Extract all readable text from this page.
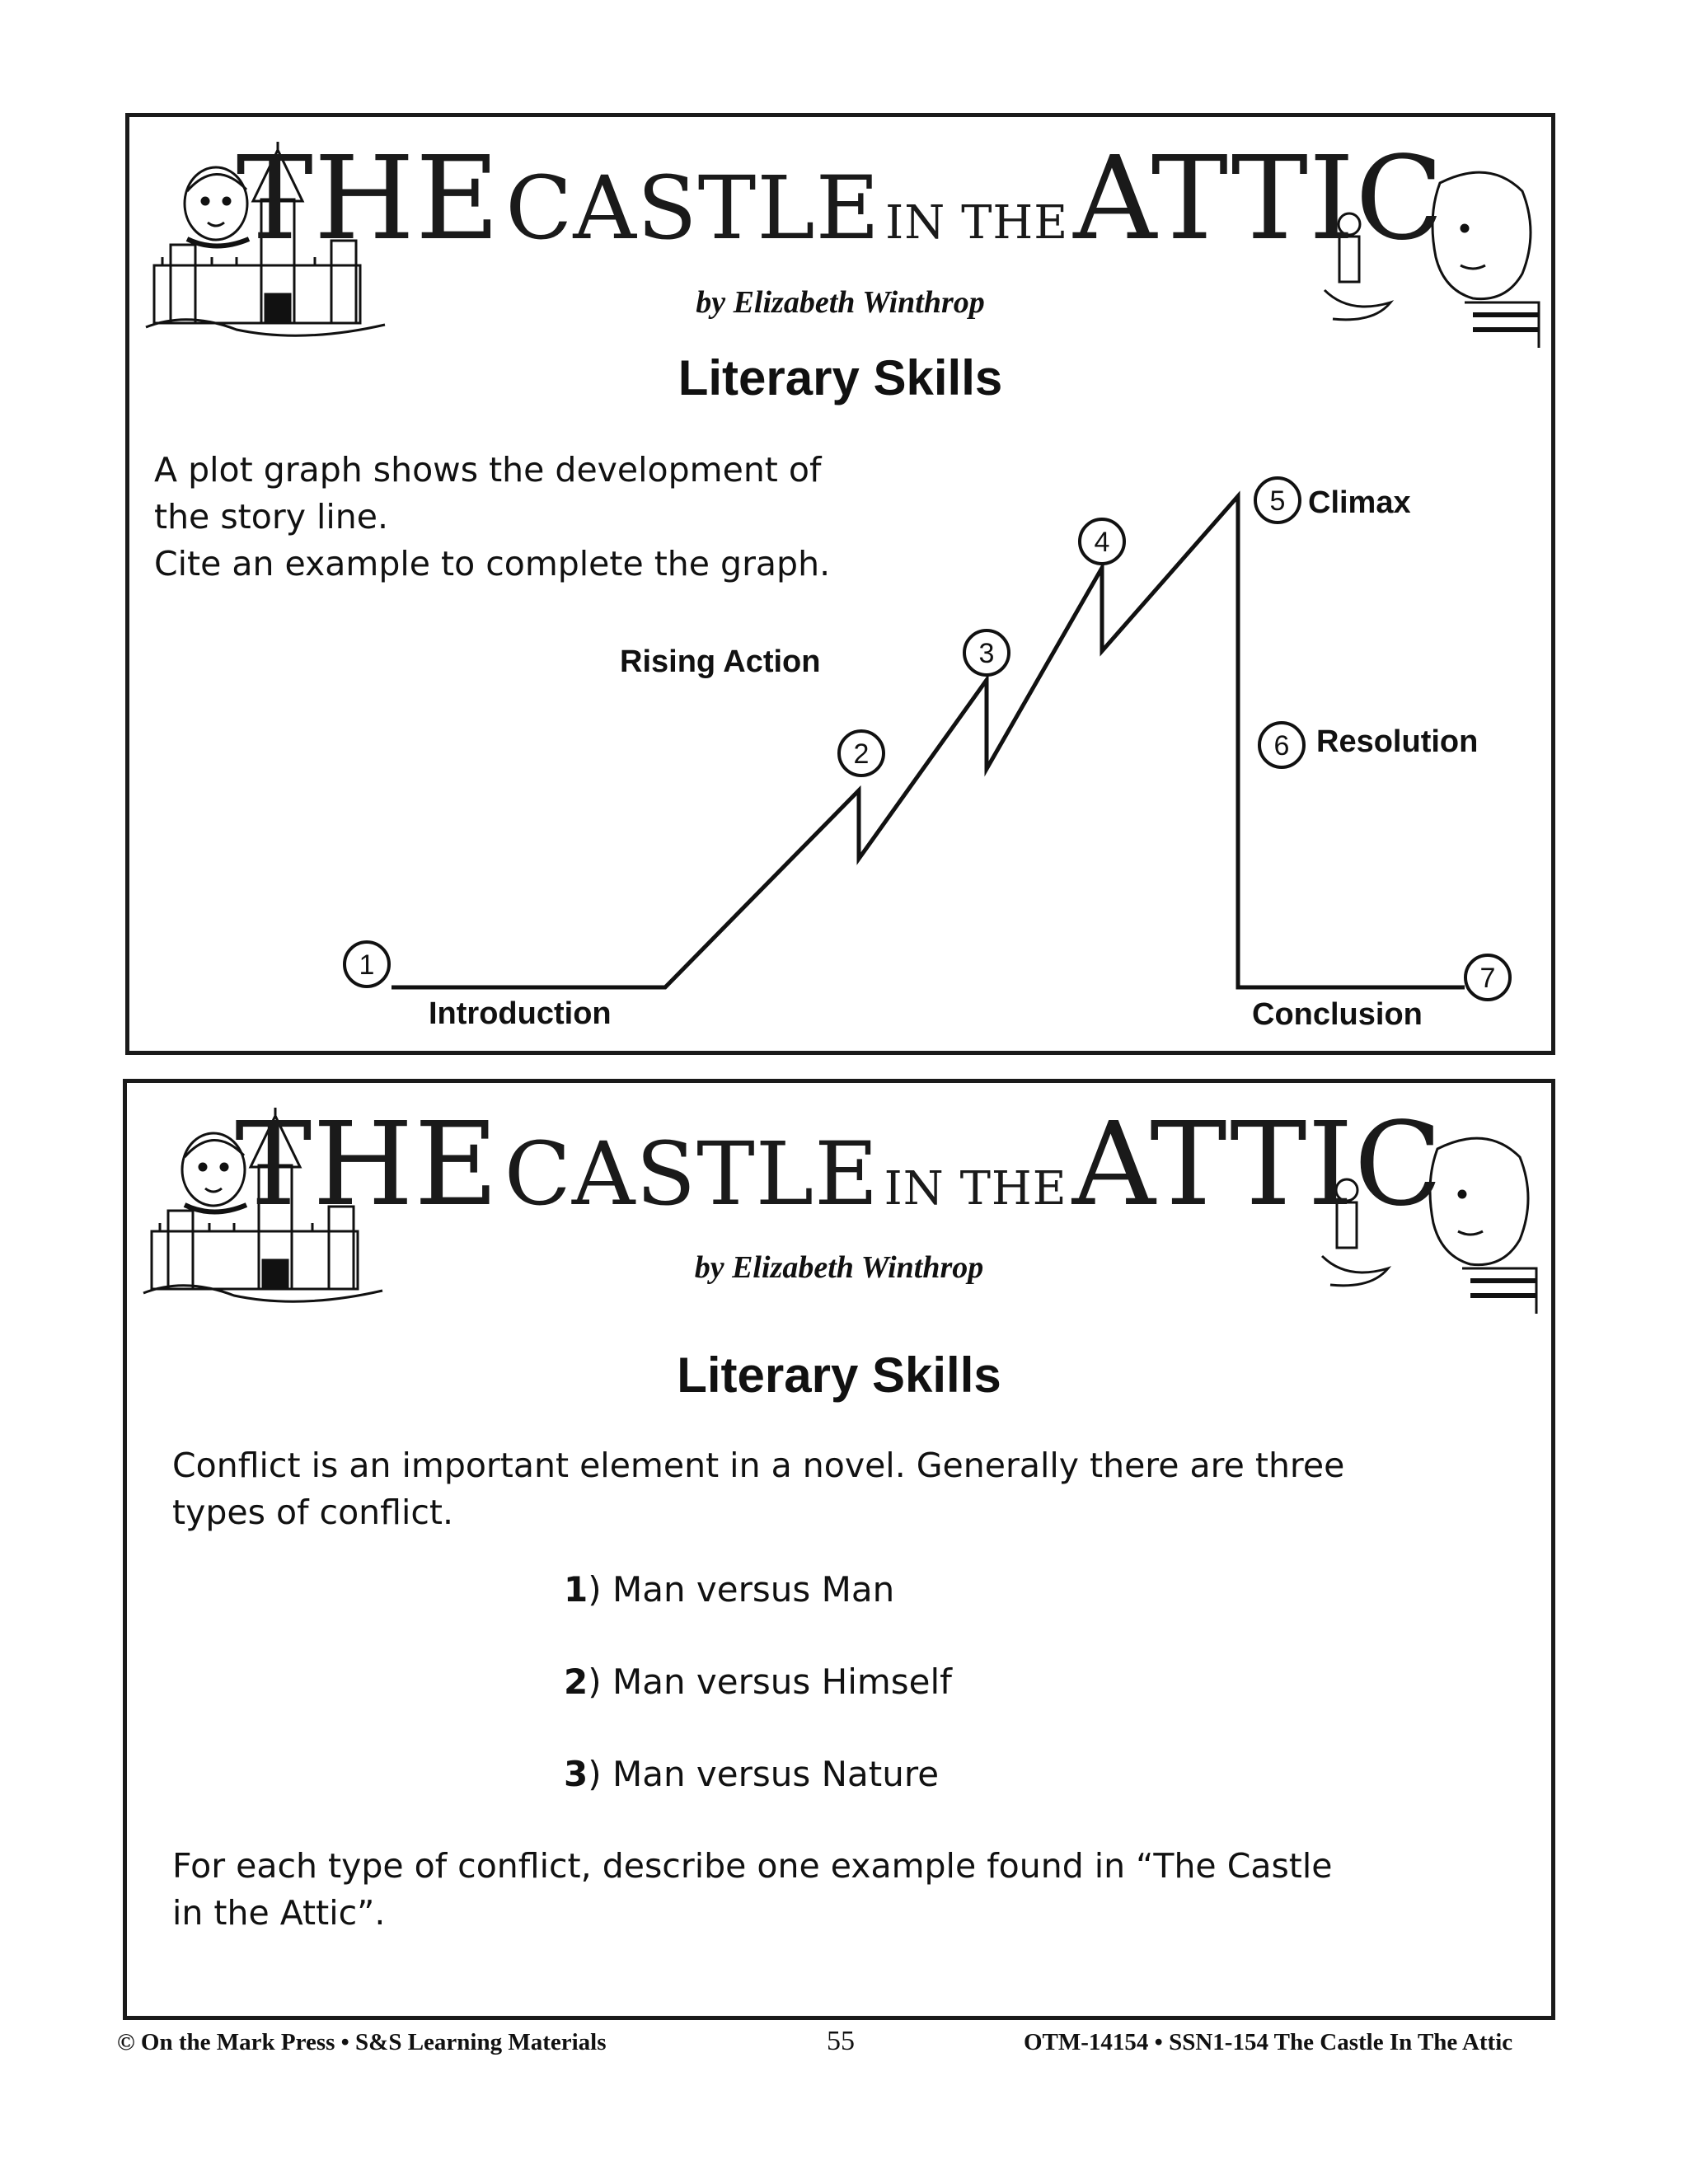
THE CASTLE IN THE ATTIC
by Elizabeth Winthrop
Literary Skills
A plot graph shows the development of
the story line.
Cite an example to complete the graph.
1
2
3
4
5
6
7
Rising Action
Climax
Resolution
Introduction	Conclusion
THE CASTLE IN THE ATTIC
by Elizabeth Winthrop
Literary Skills
Conflict is an important element in a novel. Generally there are three
types of conflict.
1) Man versus Man
2) Man versus Himself
3) Man versus Nature
For each type of conflict, describe one example found in “The Castle
in the Attic”.
© On the Mark Press • S&S Learning Materials	55	OTM-14154 • SSN1-154 The Castle In The Attic
